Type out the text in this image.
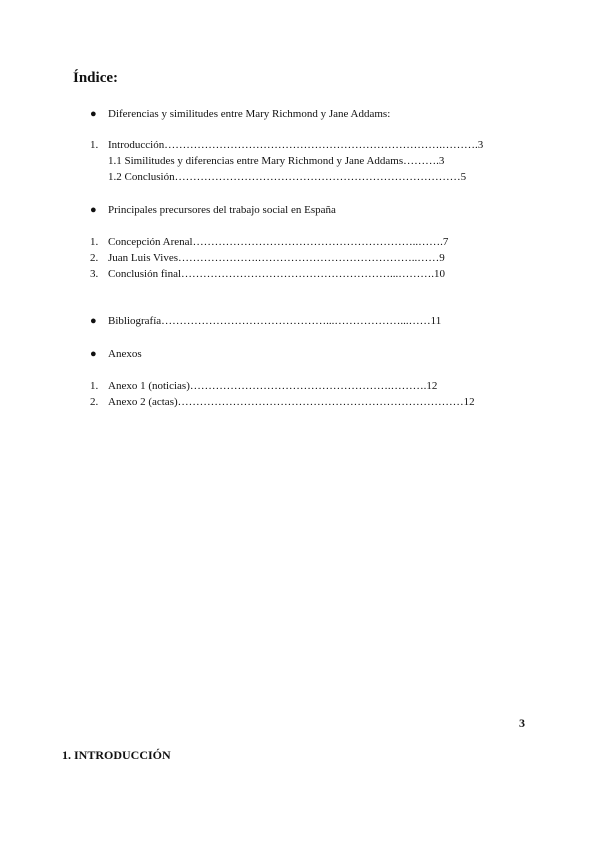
Índice:
● Diferencias y similitudes entre Mary Richmond y Jane Addams:
1. Introducción………………………………………………………………….……….3
1.1 Similitudes y diferencias entre Mary Richmond y Jane Addams……….3
1.2 Conclusión……………………………………………………………………5
● Principales precursores del trabajo social en España
1. Concepción Arenal……………………………………………………..…….7
2. Juan Luis Vives………………….……………………………………..……9
3. Conclusión final…………………………………………………...……….10
● Bibliografía………………………………………...………………...……11
● Anexos
1. Anexo 1 (noticias)……………………………………………….……….12
2. Anexo 2 (actas)……………………………………………………………………12
3
1. INTRODUCCIÓN
